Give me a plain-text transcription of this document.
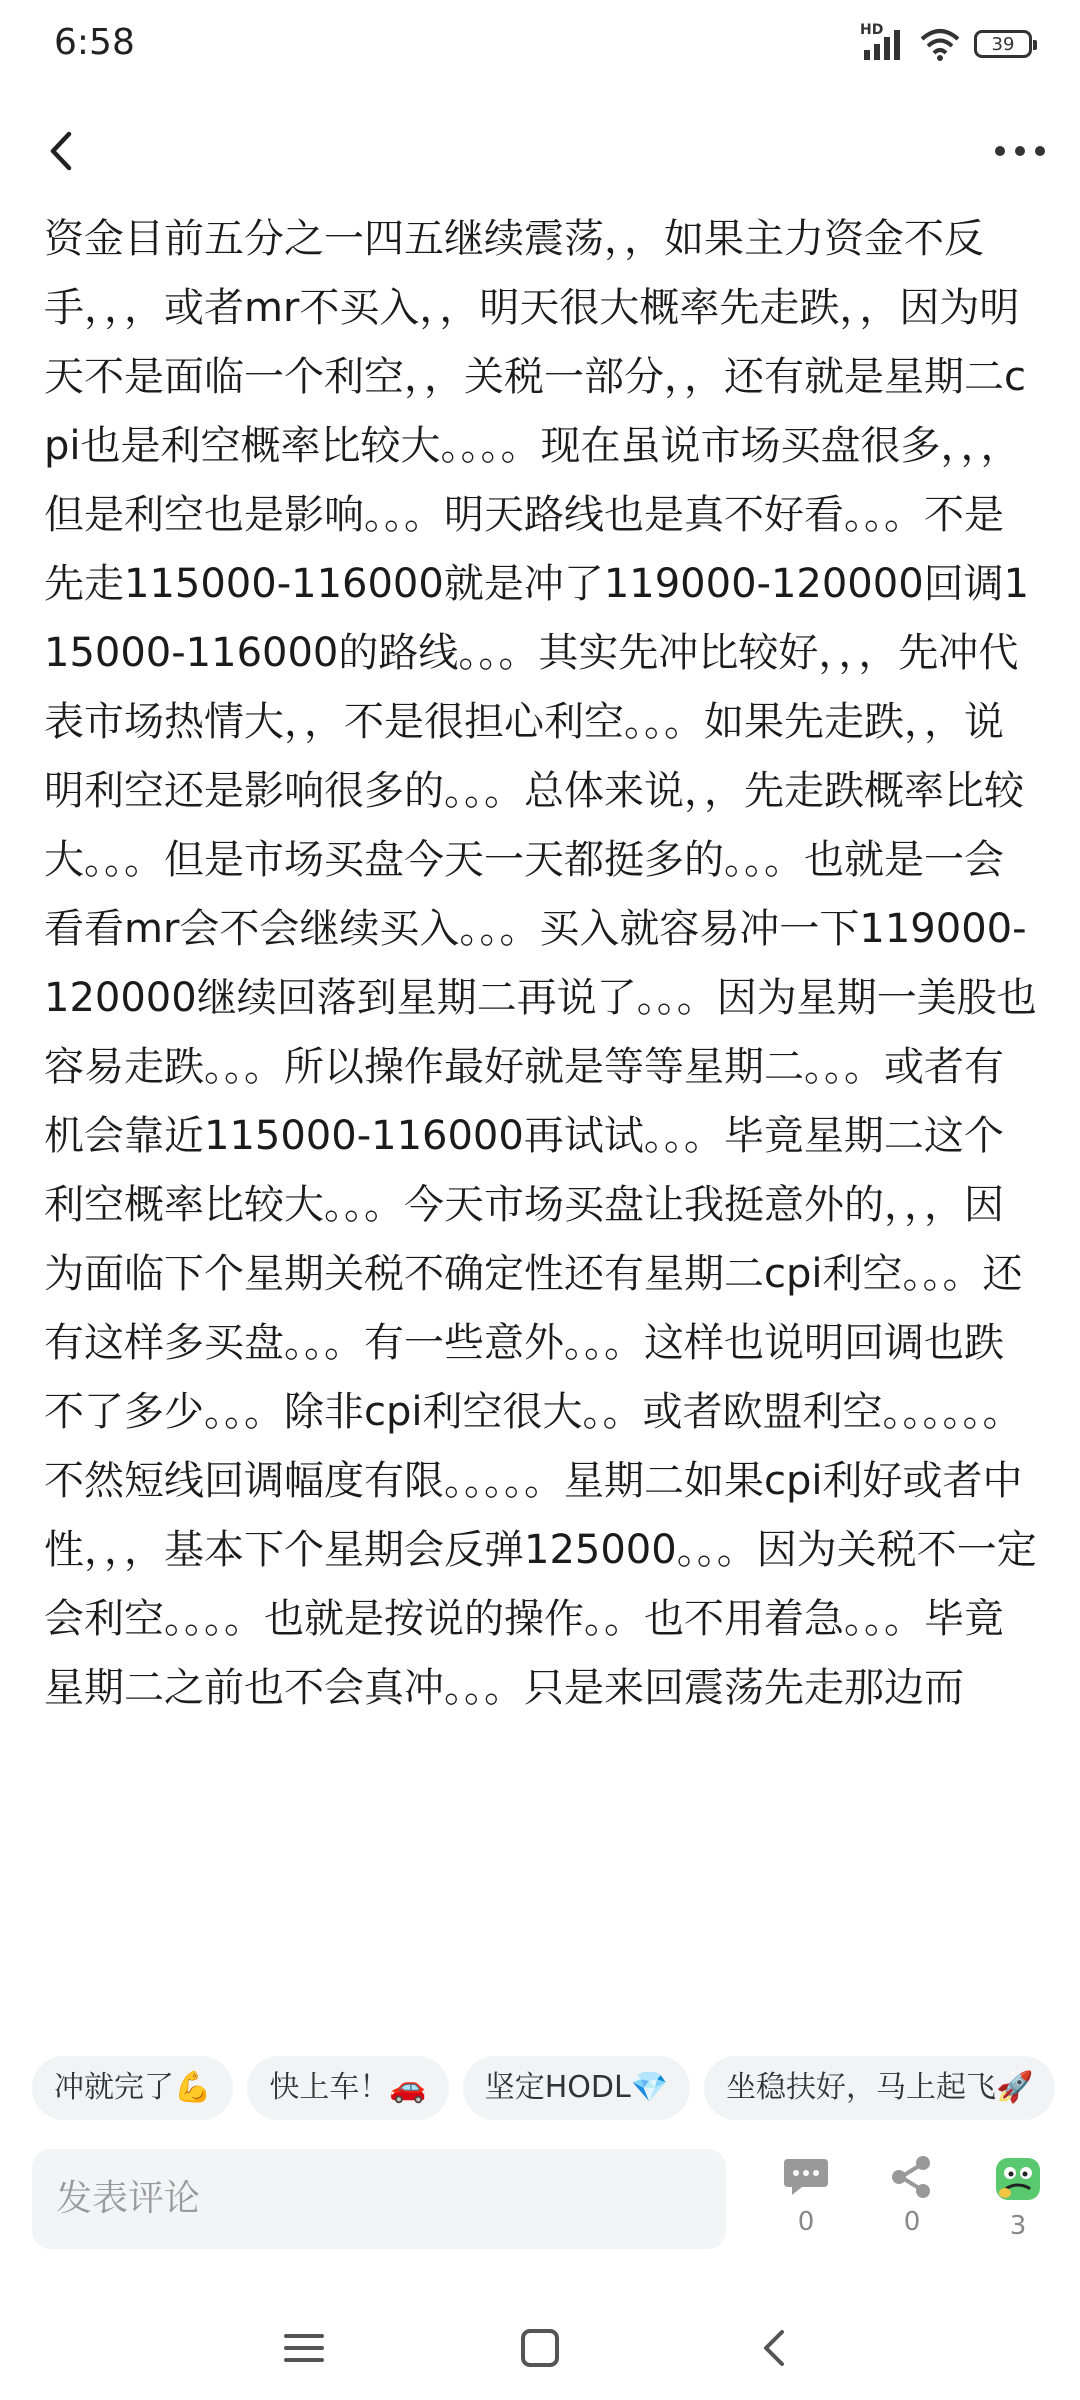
6:58	HD
39

资金目前五分之一四五继续震荡，，如果主力资金不反手，，，或者mr不买入，，明天很大概率先走跌，，因为明天不是面临一个利空，，关税一部分，，还有就是星期二cpi也是利空概率比较大。。。。现在虽说市场买盘很多，，，但是利空也是影响。。。明天路线也是真不好看。。。不是先走115000-116000就是冲了119000-120000回调115000-116000的路线。。。其实先冲比较好，，，先冲代表市场热情大，，不是很担心利空。。。如果先走跌，，说明利空还是影响很多的。。。总体来说，，先走跌概率比较大。。。但是市场买盘今天一天都挺多的。。。也就是一会看看mr会不会继续买入。。。买入就容易冲一下119000-120000继续回落到星期二再说了。。。因为星期一美股也容易走跌。。。所以操作最好就是等等星期二。。。或者有机会靠近115000-116000再试试。。。毕竟星期二这个利空概率比较大。。。今天市场买盘让我挺意外的，，，因为面临下个星期关税不确定性还有星期二cpi利空。。。还有这样多买盘。。。有一些意外。。。这样也说明回调也跌不了多少。。。除非cpi利空很大。。或者欧盟利空。。。。。。不然短线回调幅度有限。。。。。星期二如果cpi利好或者中性，，，基本下个星期会反弹125000。。。因为关税不一定会利空。。。。也就是按说的操作。。也不用着急。。。毕竟星期二之前也不会真冲。。。只是来回震荡先走那边而

冲就完了💪 快上车！🚗 坚定HODL💎 坐稳扶好，马上起飞🚀
发表评论
0	0	3
